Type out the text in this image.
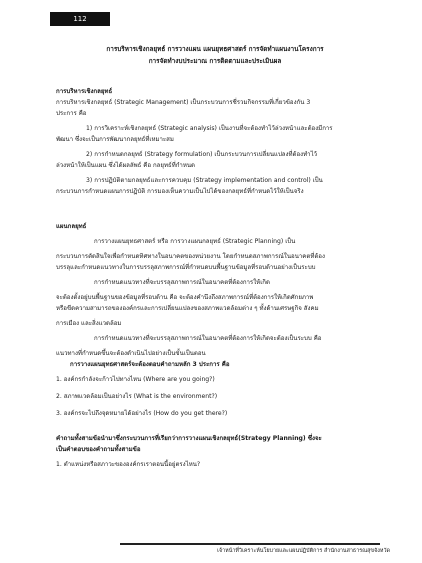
112
การบริหารเชิงกลยุทธ์ การวางแผน แผนยุทธศาสตร์ การจัดทำแผนงานโครงการ
การจัดทำงบประมาณ การติดตามและประเมินผล
การบริหารเชิงกลยุทธ์
การบริหารเชิงกลยุทธ์ (Strategic Management) เป็นกระบวนการชี่รวมกิจกรรมที่เกี่ยวข้องกัน 3
ประการ คือ
1) การวิเคราะห์เชิงกลยุทธ์ (Strategic analysis) เป็นงานที่จะต้องทำไว้ล่วงหน้าและต้องมีการ
พัฒนา ซึ่งจะเป็นการพัฒนากลยุทธ์ที่เหมาะสม
2) การกำหนดกลยุทธ์ (Strategy formulation) เป็นกระบวนการเปลี่ยนแปลงที่ต้องทำไว้
ล่วงหน้าให้เป็นแผน ซึ่งได้ผลลัพธ์ คือ กลยุทธ์ที่กำหนด
3) การปฏิบัติตามกลยุทธ์และการควบคุม (Strategy implementation and control) เป็น
กระบวนการกำหนดแผนการปฏิบัติ การมองเห็นความเป็นไปได้ของกลยุทธ์ที่กำหนดไว้ให้เป็นจริง
แผนกลยุทธ์
การวางแผนยุทธศาสตร์ หรือ การวางแผนกลยุทธ์ (Strategic Planning) เป็น
กระบวนการตัดสินใจเพื่อกำหนดทิศทางในอนาคตของหน่วยงาน โดยกำหนดสภาพการณ์ในอนาคตที่ต้อง
บรรลุและกำหนดแนวทางในการบรรลุสภาพการณ์ที่กำหนดบนพื้นฐานข้อมูลที่รอบด้านอย่างเป็นระบบ
การกำหนดแนวทางที่จะบรรลุสภาพการณ์ในอนาคตที่ต้องการให้เกิด
จะต้องตั้งอยู่บนพื้นฐานของข้อมูลที่รอบด้าน คือ จะต้องคำนึงถึงสภาพการณ์ที่ต้องการให้เกิดศักยภาพ
หรือขีดความสามารถขององค์กรและการเปลี่ยนแปลงของสภาพแวดล้อมต่าง ๆ ทั้งด้านเศรษฐกิจ สังคม
การเมือง และสิ่งแวดล้อม
การกำหนดแนวทางที่จะบรรลุสภาพการณ์ในอนาคตที่ต้องการให้เกิดจะต้องเป็นระบบ คือ
แนวทางที่กำหนดขึ้นจะต้องดำเนินไปอย่างเป็นขั้นเป็นตอน
การวางแผนยุทธศาสตร์จะต้องตอบคำถามหลัก 3 ประการ คือ
1. องค์กรกำลังจะก้าวไปทางไหน (Where are you going?)
2. สภาพแวดล้อมเป็นอย่างไร (What is the environment?)
3. องค์กรจะไปถึงจุดหมายได้อย่างไร (How do you get there?)
คำถามทั้งสามข้อนำมาซึ่งกระบวนการที่เรียกว่าการวางแผนเชิงกลยุทธ์(Strategy Planning) ซึ่งจะ
เป็นคำตอบของคำถามทั้งสามข้อ
1. ตำแหน่งหรือสภาวะขององค์กรเราตอนนี้อยู่ตรงไหน?
เจ้าหน้าที่วิเคราะห์นโยบายและแผนปฏิบัติการ สำนักงานสาธารณสุขจังหวัด
